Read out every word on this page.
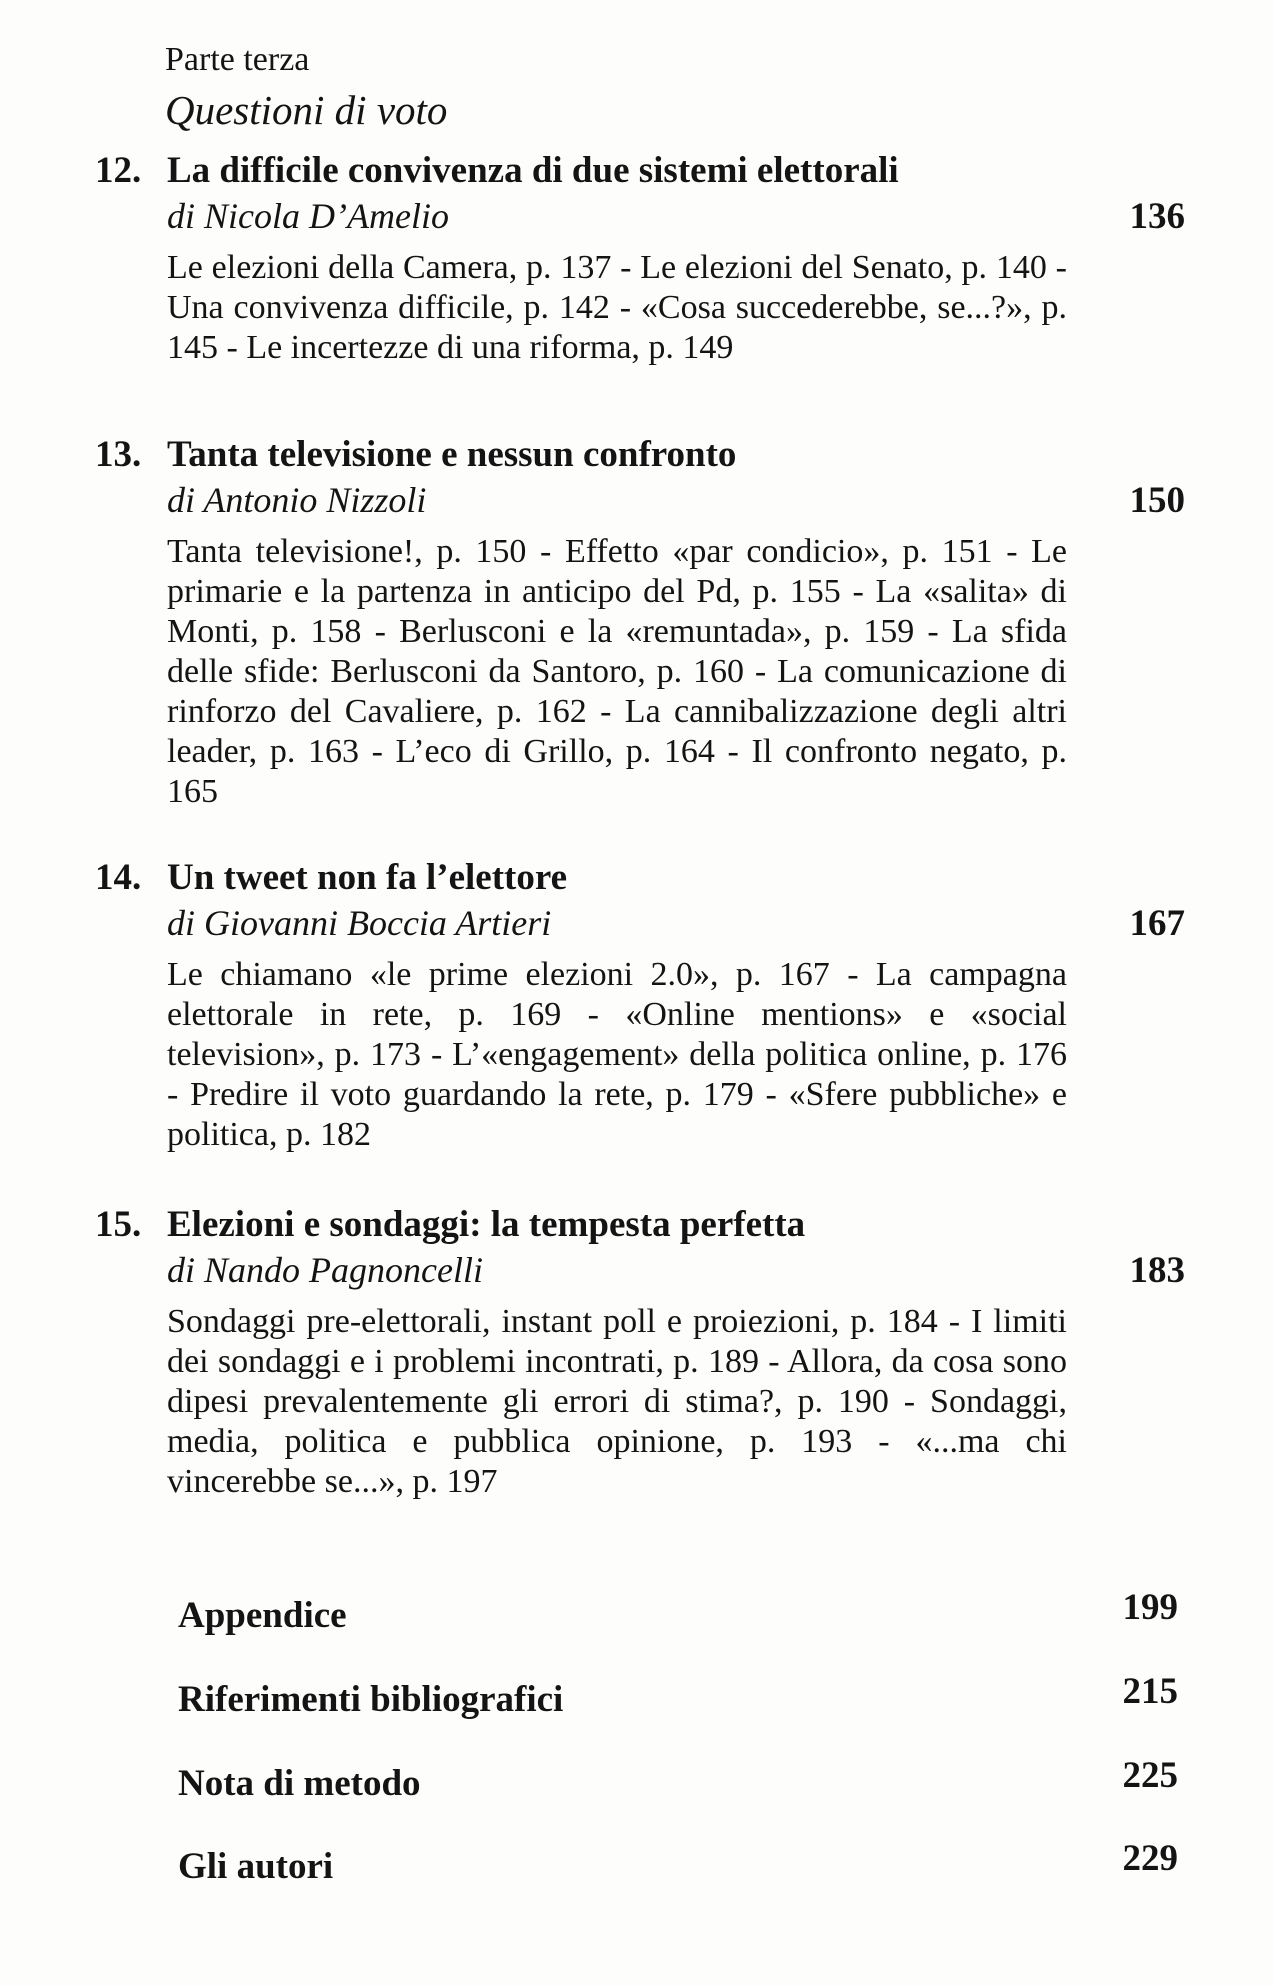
Parte terza
Questioni di voto
12. La difficile convivenza di due sistemi elettorali
di Nicola D’Amelio	136
Le elezioni della Camera, p. 137 - Le elezioni del Senato, p. 140 - Una convivenza difficile, p. 142 - «Cosa succederebbe, se...?», p. 145 - Le incertezze di una riforma, p. 149
13. Tanta televisione e nessun confronto
di Antonio Nizzoli	150
Tanta televisione!, p. 150 - Effetto «par condicio», p. 151 - Le primarie e la partenza in anticipo del Pd, p. 155 - La «salita» di Monti, p. 158 - Berlusconi e la «remuntada», p. 159 - La sfida delle sfide: Berlusconi da Santoro, p. 160 - La comunicazione di rinforzo del Cavaliere, p. 162 - La cannibalizzazione degli altri leader, p. 163 - L’eco di Grillo, p. 164 - Il confronto negato, p. 165
14. Un tweet non fa l’elettore
di Giovanni Boccia Artieri	167
Le chiamano «le prime elezioni 2.0», p. 167 - La campagna elettorale in rete, p. 169 - «Online mentions» e «social television», p. 173 - L’«engagement» della politica online, p. 176 - Predire il voto guardando la rete, p. 179 - «Sfere pubbliche» e politica, p. 182
15. Elezioni e sondaggi: la tempesta perfetta
di Nando Pagnoncelli	183
Sondaggi pre-elettorali, instant poll e proiezioni, p. 184 - I limiti dei sondaggi e i problemi incontrati, p. 189 - Allora, da cosa sono dipesi prevalentemente gli errori di stima?, p. 190 - Sondaggi, media, politica e pubblica opinione, p. 193 - «...ma chi vincerebbe se...», p. 197
Appendice	199
Riferimenti bibliografici	215
Nota di metodo	225
Gli autori	229
